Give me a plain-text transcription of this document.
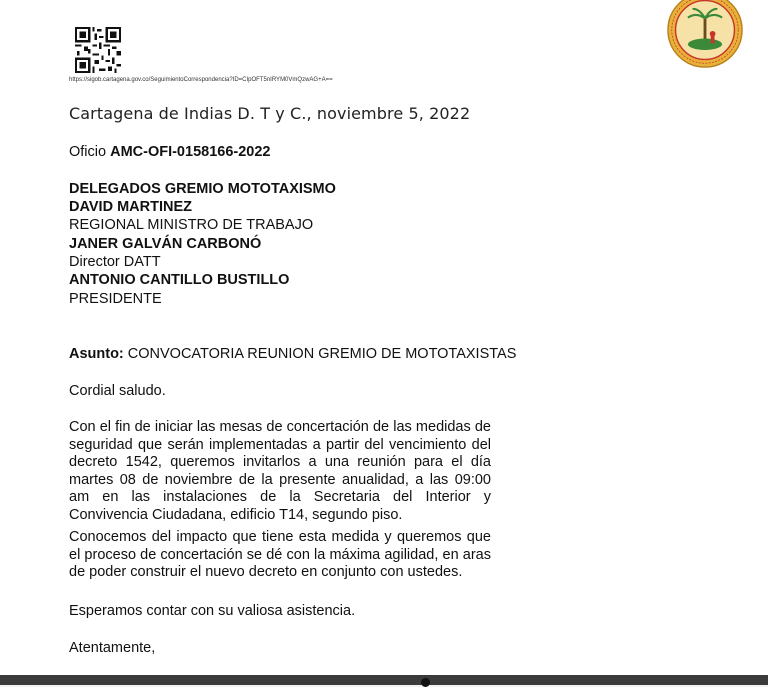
https://sigob.cartagena.gov.co/SeguimientoCorrespondencia?ID=CIpOFT5nIRYM0VmQzwAG+A==
Cartagena de Indias D. T y C., noviembre 5, 2022
Oficio AMC-OFI-0158166-2022
DELEGADOS GREMIO MOTOTAXISMO
DAVID MARTINEZ
REGIONAL MINISTRO DE TRABAJO
JANER GALVÁN CARBONÓ
Director DATT
ANTONIO CANTILLO BUSTILLO
PRESIDENTE
Asunto: CONVOCATORIA REUNION GREMIO DE MOTOTAXISTAS
Cordial saludo.
Con el fin de iniciar las mesas de concertación de las medidas de seguridad que serán implementadas a partir del vencimiento del decreto 1542, queremos invitarlos a una reunión para el día martes 08 de noviembre de la presente anualidad, a las 09:00 am en las instalaciones de la Secretaria del Interior y Convivencia Ciudadana, edificio T14, segundo piso.
Conocemos del impacto que tiene esta medida y queremos que el proceso de concertación se dé con la máxima agilidad, en aras de poder construir el nuevo decreto en conjunto con ustedes.
Esperamos contar con su valiosa asistencia.
Atentamente,
